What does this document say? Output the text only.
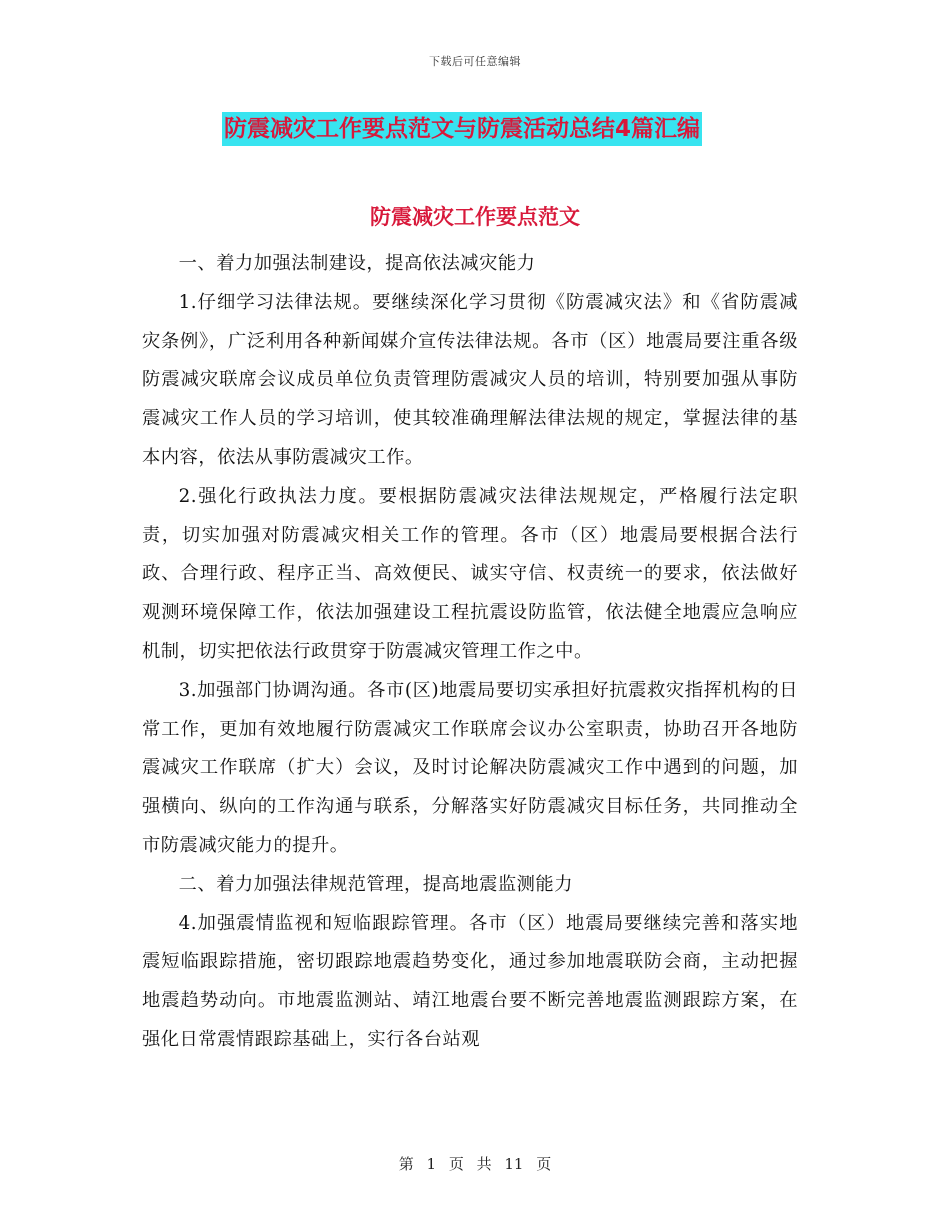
下载后可任意编辑
防震减灾工作要点范文与防震活动总结4篇汇编
防震减灾工作要点范文

一、着力加强法制建设，提高依法减灾能力

1.仔细学习法律法规。要继续深化学习贯彻《防震减灾法》和《省防震减灾条例》，广泛利用各种新闻媒介宣传法律法规。各市（区）地震局要注重各级防震减灾联席会议成员单位负责管理防震减灾人员的培训，特别要加强从事防震减灾工作人员的学习培训，使其较准确理解法律法规的规定，掌握法律的基本内容，依法从事防震减灾工作。

2.强化行政执法力度。要根据防震减灾法律法规规定，严格履行法定职责，切实加强对防震减灾相关工作的管理。各市（区）地震局要根据合法行政、合理行政、程序正当、高效便民、诚实守信、权责统一的要求，依法做好观测环境保障工作，依法加强建设工程抗震设防监管，依法健全地震应急响应机制，切实把依法行政贯穿于防震减灾管理工作之中。

3.加强部门协调沟通。各市(区)地震局要切实承担好抗震救灾指挥机构的日常工作，更加有效地履行防震减灾工作联席会议办公室职责，协助召开各地防震减灾工作联席（扩大）会议，及时讨论解决防震减灾工作中遇到的问题，加强横向、纵向的工作沟通与联系，分解落实好防震减灾目标任务，共同推动全市防震减灾能力的提升。

二、着力加强法律规范管理，提高地震监测能力

4.加强震情监视和短临跟踪管理。各市（区）地震局要继续完善和落实地震短临跟踪措施，密切跟踪地震趋势变化，通过参加地震联防会商，主动把握地震趋势动向。市地震监测站、靖江地震台要不断完善地震监测跟踪方案，在强化日常震情跟踪基础上，实行各台站观

第 1 页 共 11 页
